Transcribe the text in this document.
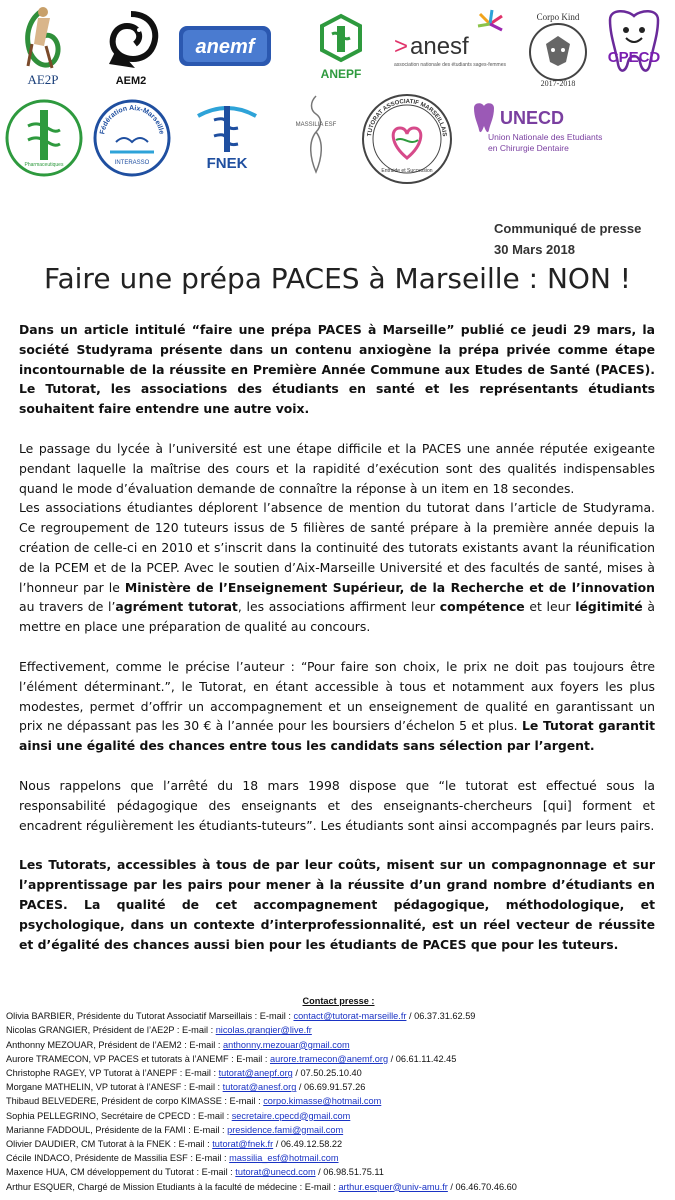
AE2P	AEM2
anemf
ANEPF
> anesf
association nationale des étudiants sages-femmes
Corpo Kind
2017-2018
CPECD
Pharmaceutiques
Fédération Aix-Marseille
INTERASSO	FNEK
MASSILIA ESF
TUTORAT ASSOCIATIF MARSEILLAIS
Entraide et Succession
UNECD
Union Nationale des Etudiants
en Chirurgie Dentaire
Communiqué de presse
30 Mars 2018
Faire une prépa PACES à Marseille : NON !

Dans un article intitulé “faire une prépa PACES à Marseille” publié ce jeudi 29 mars, la société Studyrama présente dans un contenu anxiogène la prépa privée comme étape incontournable de la réussite en Première Année Commune aux Etudes de Santé (PACES). Le Tutorat, les associations des étudiants en santé et les représentants étudiants souhaitent faire entendre une autre voix.

Le passage du lycée à l’université est une étape difficile et la PACES une année réputée exigeante pendant laquelle la maîtrise des cours et la rapidité d’exécution sont des qualités indispensables quand le mode d’évaluation demande de connaître la réponse à un item en 18 secondes.

Les associations étudiantes déplorent l’absence de mention du tutorat dans l’article de Studyrama. Ce regroupement de 120 tuteurs issus de 5 filières de santé prépare à la première année depuis la création de celle-ci en 2010 et s’inscrit dans la continuité des tutorats existants avant la réunification de la PCEM et de la PCEP. Avec le soutien d’Aix-Marseille Université et des facultés de santé, mises à l’honneur par le Ministère de l’Enseignement Supérieur, de la Recherche et de l’innovation au travers de l’agrément tutorat, les associations affirment leur compétence et leur légitimité à mettre en place une préparation de qualité au concours.

Effectivement, comme le précise l’auteur : “Pour faire son choix, le prix ne doit pas toujours être l’élément déterminant.”, le Tutorat, en étant accessible à tous et notamment aux foyers les plus modestes, permet d’offrir un accompagnement et un enseignement de qualité en garantissant un prix ne dépassant pas les 30 € à l’année pour les boursiers d’échelon 5 et plus. Le Tutorat garantit ainsi une égalité des chances entre tous les candidats sans sélection par l’argent.

Nous rappelons que l’arrêté du 18 mars 1998 dispose que “le tutorat est effectué sous la responsabilité pédagogique des enseignants et des enseignants-chercheurs [qui] forment et encadrent régulièrement les étudiants-tuteurs”. Les étudiants sont ainsi accompagnés par leurs pairs.

Les Tutorats, accessibles à tous de par leur coûts, misent sur un compagnonnage et sur l’apprentissage par les pairs pour mener à la réussite d’un grand nombre d’étudiants en PACES. La qualité de cet accompagnement pédagogique, méthodologique, et psychologique, dans un contexte d’interprofessionnalité, est un réel vecteur de réussite et d’égalité des chances aussi bien pour les étudiants de PACES que pour les tuteurs.

Contact presse :
Olivia BARBIER, Présidente du Tutorat Associatif Marseillais : E-mail : contact@tutorat-marseille.fr / 06.37.31.62.59
Nicolas GRANGIER, Président de l’AE2P : E-mail : nicolas.grangier@live.fr
Anthonny MEZOUAR, Président de l’AEM2 : E-mail : anthonny.mezouar@gmail.com
Aurore TRAMECON, VP PACES et tutorats à l’ANEMF : E-mail : aurore.tramecon@anemf.org / 06.61.11.42.45
Christophe RAGEY, VP Tutorat à l’ANEPF : E-mail : tutorat@anepf.org / 07.50.25.10.40
Morgane MATHELIN, VP tutorat à l’ANESF : E-mail : tutorat@anesf.org / 06.69.91.57.26
Thibaud BELVEDERE, Président de corpo KIMASSE : E-mail : corpo.kimasse@hotmail.com
Sophia PELLEGRINO, Secrétaire de CPECD : E-mail : secretaire.cpecd@gmail.com
Marianne FADDOUL, Présidente de la FAMI : E-mail : presidence.fami@gmail.com
Olivier DAUDIER, CM Tutorat à la FNEK : E-mail : tutorat@fnek.fr / 06.49.12.58.22
Cécile INDACO, Présidente de Massilia ESF : E-mail : massilia_esf@hotmail.com
Maxence HUA, CM développement du Tutorat : E-mail : tutorat@unecd.com / 06.98.51.75.11
Arthur ESQUER, Chargé de Mission Etudiants à la faculté de médecine : E-mail : arthur.esquer@univ-amu.fr / 06.46.70.46.60
